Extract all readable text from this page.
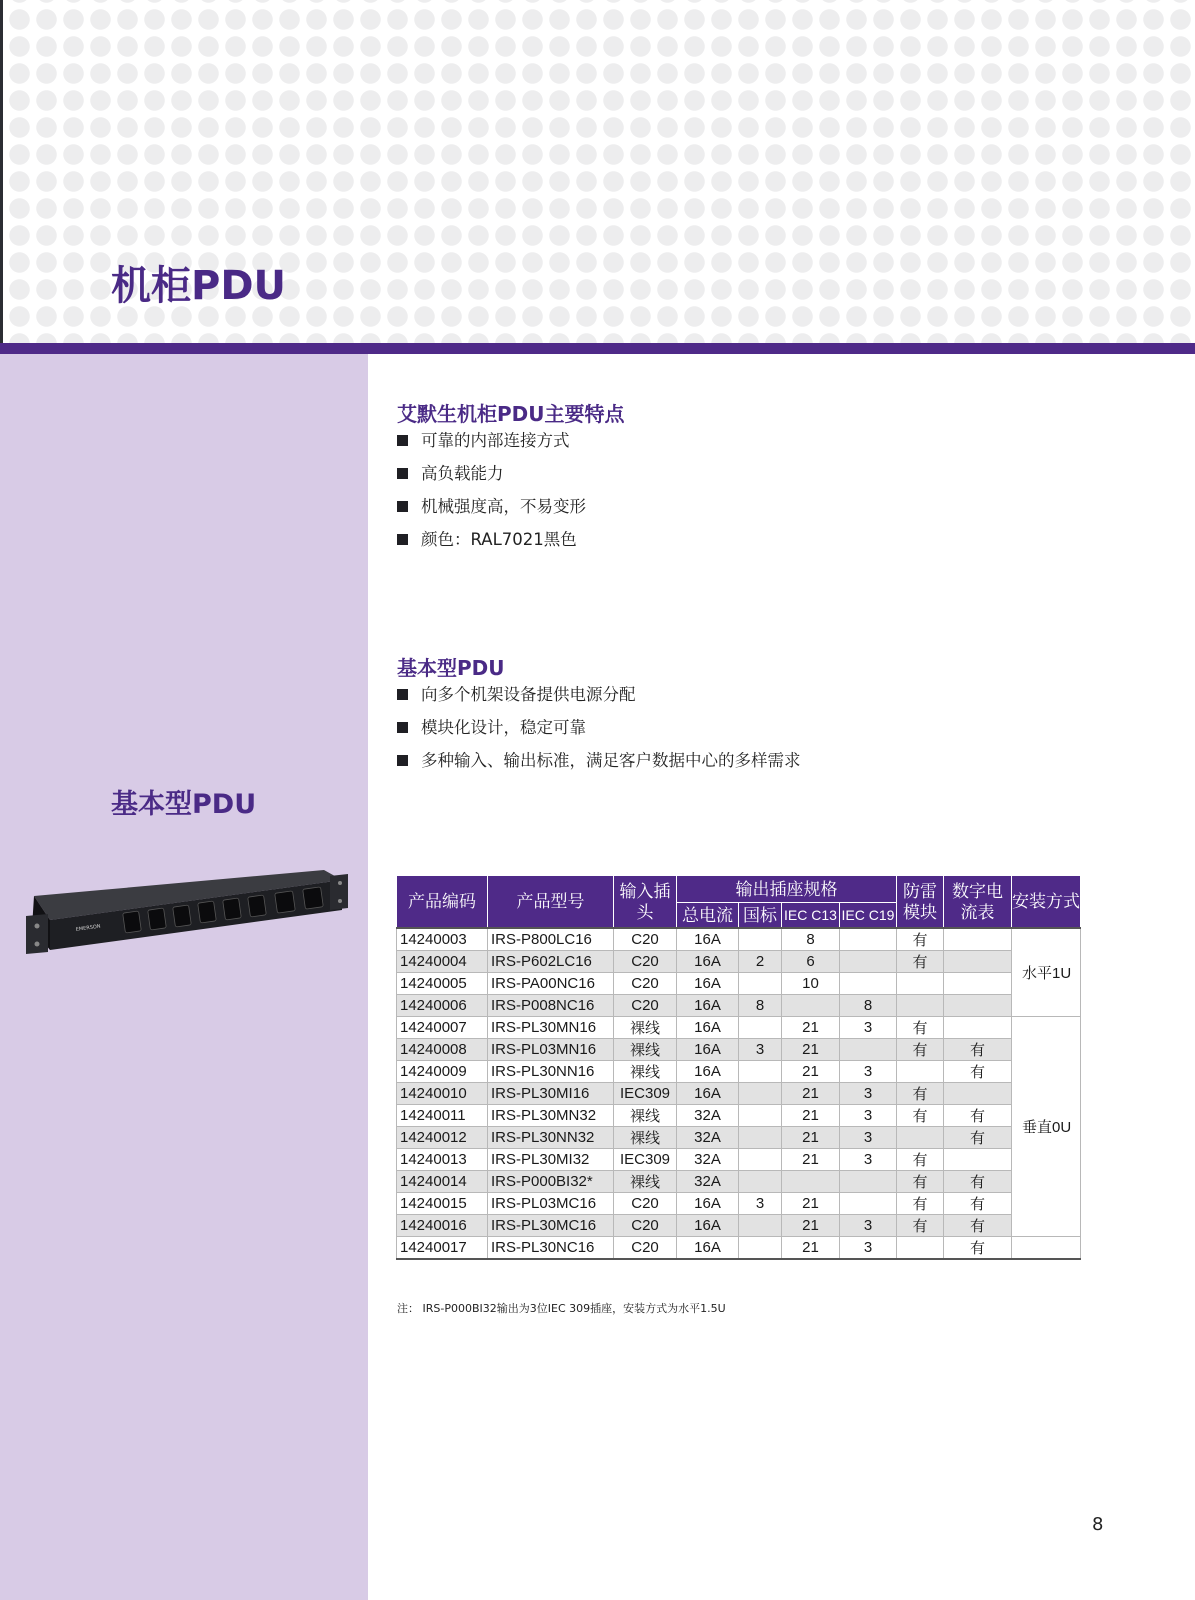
机柜PDU
基本型PDU
EMERSON
艾默生机柜PDU主要特点
可靠的内部连接方式
高负载能力
机械强度高，不易变形
颜色：RAL7021黑色
基本型PDU
向多个机架设备提供电源分配
模块化设计，稳定可靠
多种输入、输出标准，满足客户数据中心的多样需求
产品编码	产品型号	输入插头	输出插座规格				防雷模块	数字电流表	安装方式
			总电流	国标	IEC C13	IEC C19			
14240003	IRS-P800LC16	C20	16A		8		有		水平1U
14240004	IRS-P602LC16	C20	16A	2	6		有		
14240005	IRS-PA00NC16	C20	16A		10				
14240006	IRS-P008NC16	C20	16A	8		8			
14240007	IRS-PL30MN16	裸线	16A		21	3	有		垂直0U
14240008	IRS-PL03MN16	裸线	16A	3	21		有	有	
14240009	IRS-PL30NN16	裸线	16A		21	3		有	
14240010	IRS-PL30MI16	IEC309	16A		21	3	有		
14240011	IRS-PL30MN32	裸线	32A		21	3	有	有	
14240012	IRS-PL30NN32	裸线	32A		21	3		有	
14240013	IRS-PL30MI32	IEC309	32A		21	3	有		
14240014	IRS-P000BI32*	裸线	32A				有	有	
14240015	IRS-PL03MC16	C20	16A	3	21		有	有	
14240016	IRS-PL30MC16	C20	16A		21	3	有	有	
14240017	IRS-PL30NC16	C20	16A		21	3		有	

注： IRS-P000BI32输出为3位IEC 309插座，安装方式为水平1.5U

8
